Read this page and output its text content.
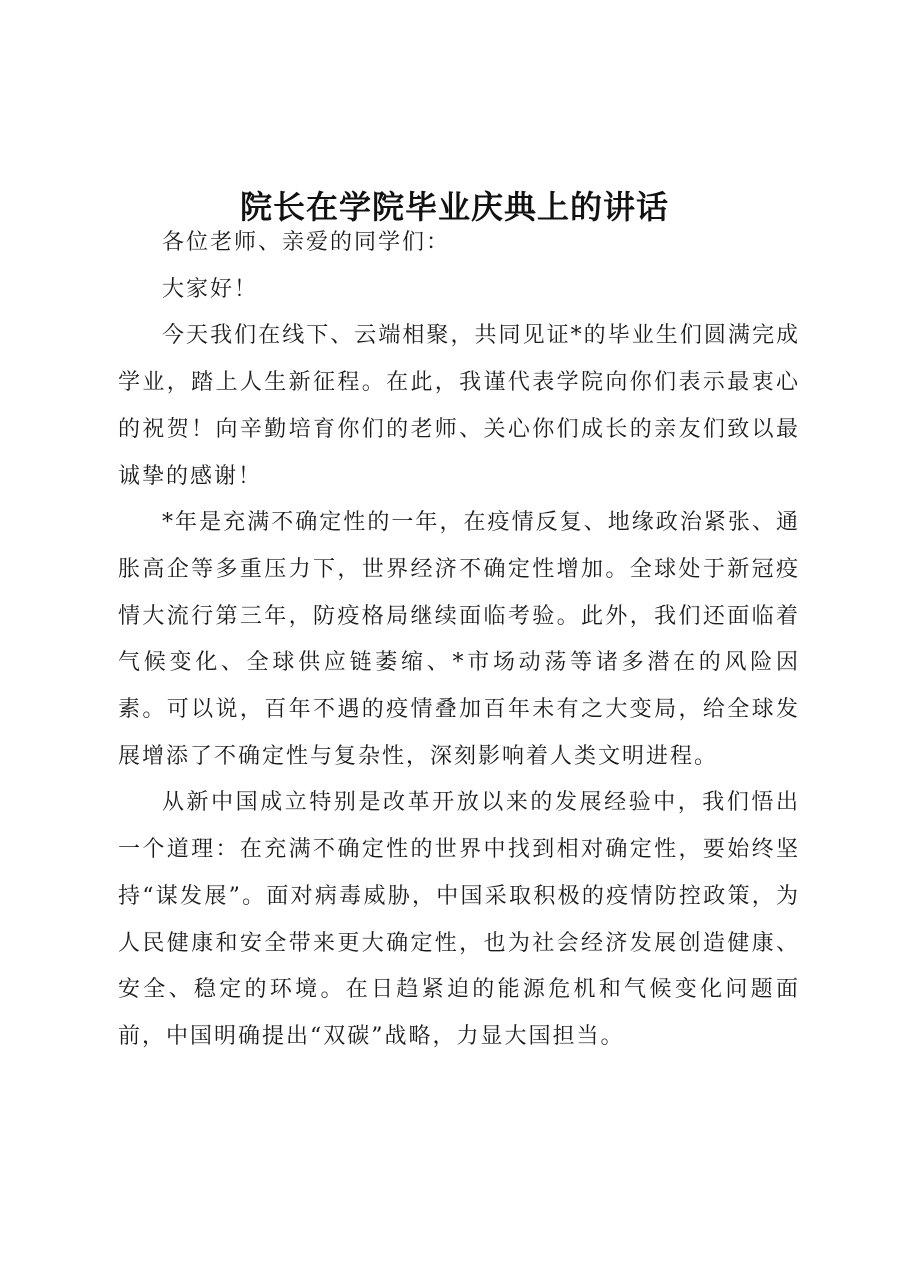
院长在学院毕业庆典上的讲话

各位老师、亲爱的同学们：

大家好！

今天我们在线下、云端相聚，共同见证*的毕业生们圆满完成学业，踏上人生新征程。在此，我谨代表学院向你们表示最衷心的祝贺！向辛勤培育你们的老师、关心你们成长的亲友们致以最诚挚的感谢！

*年是充满不确定性的一年，在疫情反复、地缘政治紧张、通胀高企等多重压力下，世界经济不确定性增加。全球处于新冠疫情大流行第三年，防疫格局继续面临考验。此外，我们还面临着气候变化、全球供应链萎缩、*市场动荡等诸多潜在的风险因素。可以说，百年不遇的疫情叠加百年未有之大变局，给全球发展增添了不确定性与复杂性，深刻影响着人类文明进程。

从新中国成立特别是改革开放以来的发展经验中，我们悟出一个道理：在充满不确定性的世界中找到相对确定性，要始终坚持“谋发展”。面对病毒威胁，中国采取积极的疫情防控政策，为人民健康和安全带来更大确定性，也为社会经济发展创造健康、安全、稳定的环境。在日趋紧迫的能源危机和气候变化问题面前，中国明确提出“双碳”战略，力显大国担当。
